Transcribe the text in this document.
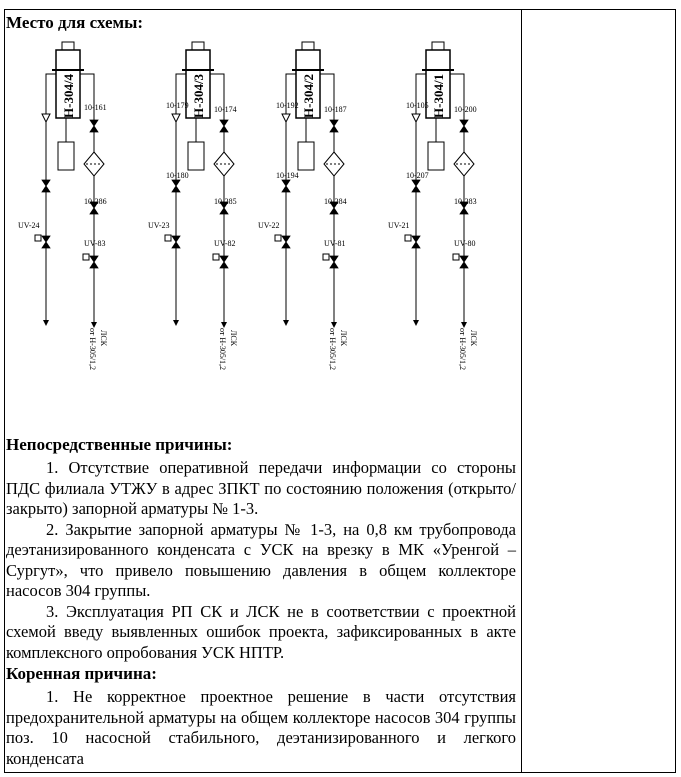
Место для схемы:
Н-304/4 10-161
10-286
UV-24
UV-83
ЛСК
от Н-305/1,2
Н-304/3
10-179	10-174
10-180
10-285
UV-23
UV-82
ЛСК
от Н-305/1,2
Н-304/2
10-192	10-187
10-194
10-284
UV-22
UV-81
ЛСК
от Н-305/1,2
Н-304/1
10-105	10-200
10-207
10-283
UV-21
UV-80
ЛСК
от Н-305/1,2

Непосредственные причины:

1. Отсутствие оперативной передачи информации со стороны ПДС филиала УТЖУ в адрес ЗПКТ по состоянию положения (открыто/закрыто) запорной арматуры № 1-3.

2. Закрытие запорной арматуры № 1-3, на 0,8 км трубопровода деэтанизированного конденсата с УСК на врезку в МК «Уренгой – Сургут», что привело повышению давления в общем коллекторе насосов 304 группы.

3. Эксплуатация РП СК и ЛСК не в соответствии с проектной схемой введу выявленных ошибок проекта, зафиксированных в акте комплексного опробования УСК НПТР.

Коренная причина:

1. Не корректное проектное решение в части отсутствия предохранительной арматуры на общем коллекторе насосов 304 группы поз. 10 насосной стабильного, деэтанизированного и легкого конденсата
